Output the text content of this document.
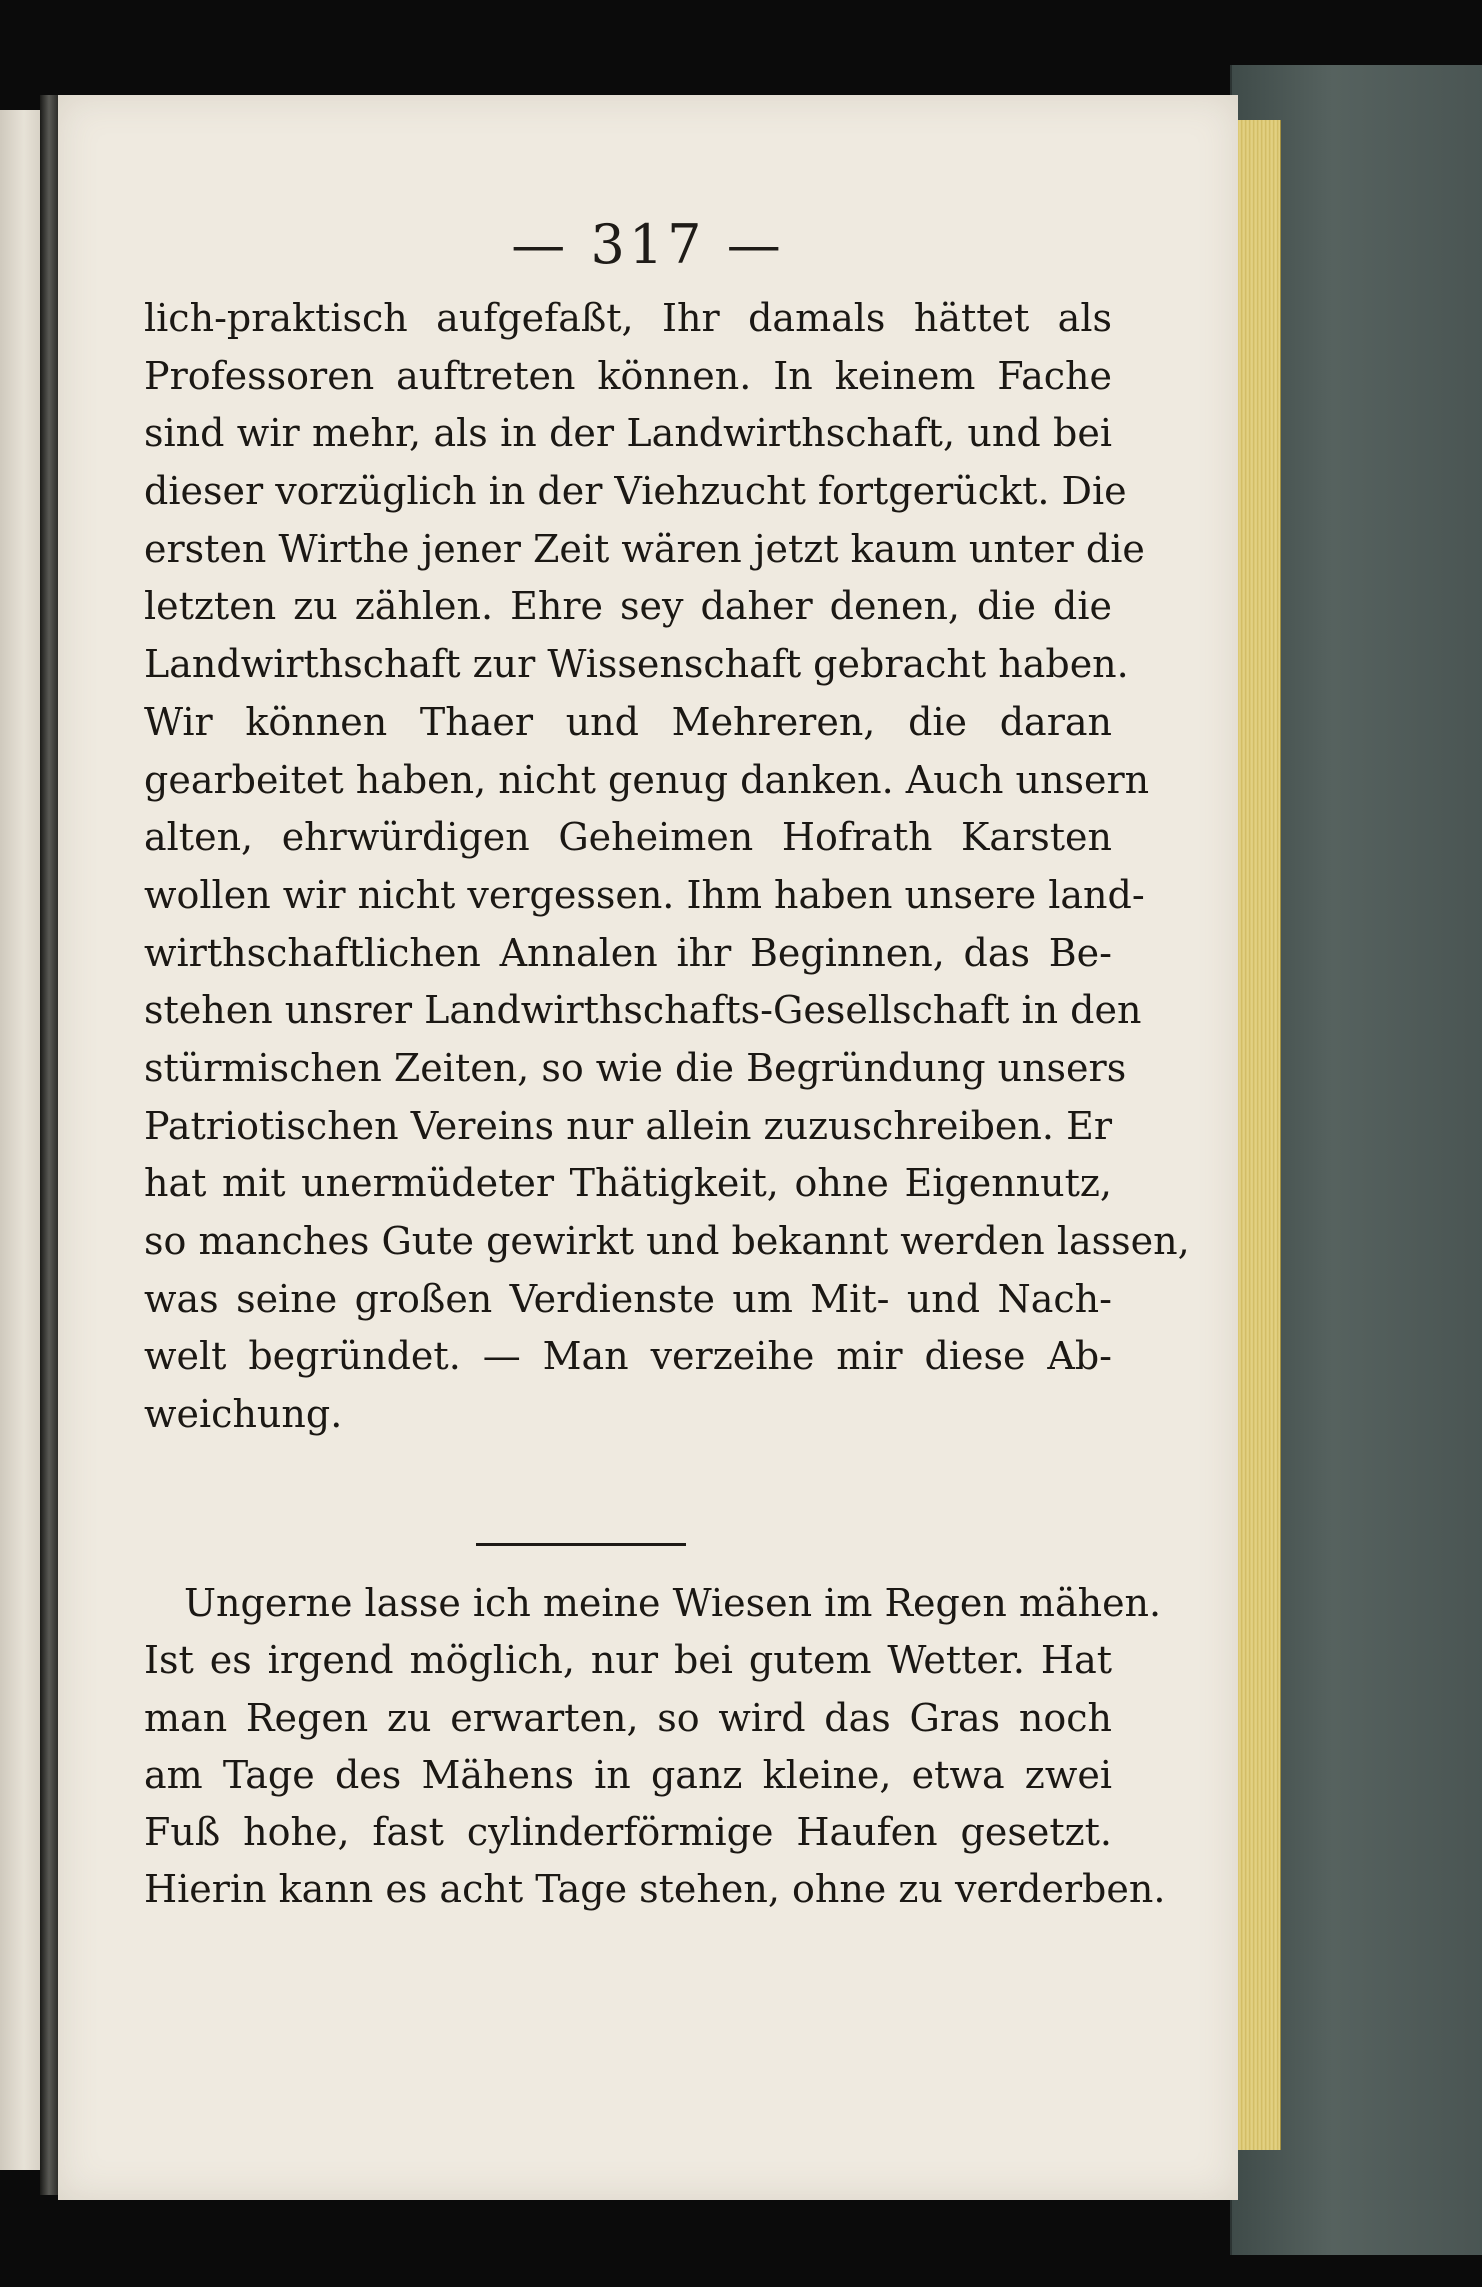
— 317 —
lich-praktisch aufgefaßt, Ihr damals hättet als
Professoren auftreten können. In keinem Fache
sind wir mehr, als in der Landwirthschaft, und bei
dieser vorzüglich in der Viehzucht fortgerückt. Die
ersten Wirthe jener Zeit wären jetzt kaum unter die
letzten zu zählen. Ehre sey daher denen, die die
Landwirthschaft zur Wissenschaft gebracht haben.
Wir können Thaer und Mehreren, die daran
gearbeitet haben, nicht genug danken. Auch unsern
alten, ehrwürdigen Geheimen Hofrath Karsten
wollen wir nicht vergessen. Ihm haben unsere land-
wirthschaftlichen Annalen ihr Beginnen, das Be-
stehen unsrer Landwirthschafts-Gesellschaft in den
stürmischen Zeiten, so wie die Begründung unsers
Patriotischen Vereins nur allein zuzuschreiben. Er
hat mit unermüdeter Thätigkeit, ohne Eigennutz,
so manches Gute gewirkt und bekannt werden lassen,
was seine großen Verdienste um Mit- und Nach-
welt begründet. — Man verzeihe mir diese Ab-
weichung.
Ungerne lasse ich meine Wiesen im Regen mähen.
Ist es irgend möglich, nur bei gutem Wetter. Hat
man Regen zu erwarten, so wird das Gras noch
am Tage des Mähens in ganz kleine, etwa zwei
Fuß hohe, fast cylinderförmige Haufen gesetzt.
Hierin kann es acht Tage stehen, ohne zu verderben.
